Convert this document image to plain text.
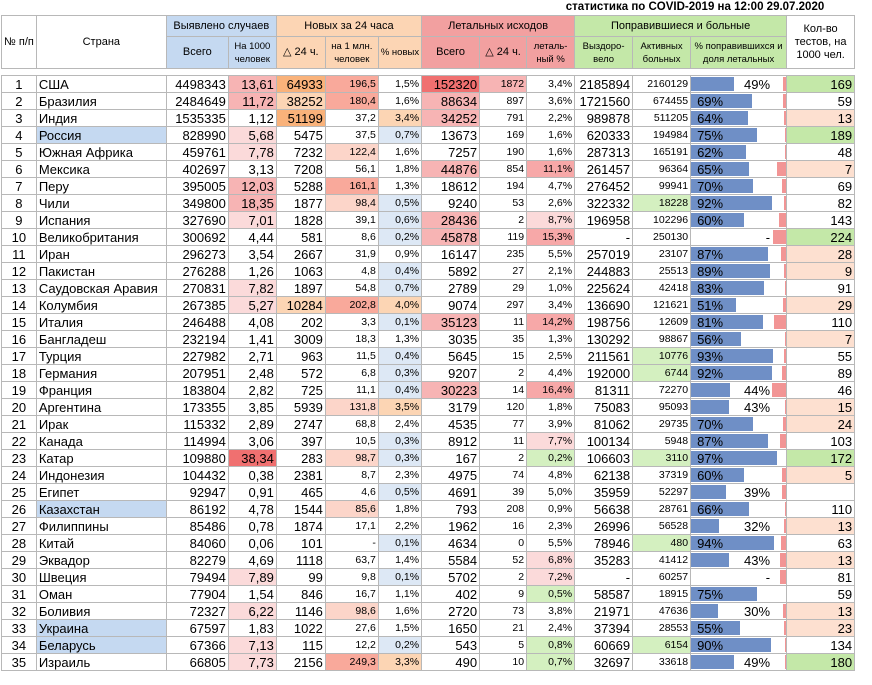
статистика по COVID-2019 на 12:00 29.07.2020
№ п/п	Страна	Выявлено случаев		Новых за 24 часа			Летальных исходов			Поправившиеся и больные			Кол-во тестов, на 1000 чел.
		Всего	На 1000 человек	△ 24 ч.	на 1 млн. человек	% новых	Всего	△ 24 ч.	леталь-ный %	Выздоро-вело	Активных больных	% поправившихся и доля летальных	

1	США	4498343	13,61	64933	196,5	1,5%	152320	1872	3,4%	2185894	2160129	49%	169
2	Бразилия	2484649	11,72	38252	180,4	1,6%	88634	897	3,6%	1721560	674455	69%	59
3	Индия	1535335	1,12	51199	37,2	3,4%	34252	791	2,2%	989878	511205	64%	13
4	Россия	828990	5,68	5475	37,5	0,7%	13673	169	1,6%	620333	194984	75%	189
5	Южная Африка	459761	7,78	7232	122,4	1,6%	7257	190	1,6%	287313	165191	62%	48
6	Мексика	402697	3,13	7208	56,1	1,8%	44876	854	11,1%	261457	96364	65%	7
7	Перу	395005	12,03	5288	161,1	1,3%	18612	194	4,7%	276452	99941	70%	69
8	Чили	349800	18,35	1877	98,4	0,5%	9240	53	2,6%	322332	18228	92%	82
9	Испания	327690	7,01	1828	39,1	0,6%	28436	2	8,7%	196958	102296	60%	143
10	Великобритания	300692	4,44	581	8,6	0,2%	45878	119	15,3%	-	250130	-	224
11	Иран	296273	3,54	2667	31,9	0,9%	16147	235	5,5%	257019	23107	87%	28
12	Пакистан	276288	1,26	1063	4,8	0,4%	5892	27	2,1%	244883	25513	89%	9
13	Саудовская Аравия	270831	7,82	1897	54,8	0,7%	2789	29	1,0%	225624	42418	83%	91
14	Колумбия	267385	5,27	10284	202,8	4,0%	9074	297	3,4%	136690	121621	51%	29
15	Италия	246488	4,08	202	3,3	0,1%	35123	11	14,2%	198756	12609	81%	110
16	Бангладеш	232194	1,41	3009	18,3	1,3%	3035	35	1,3%	130292	98867	56%	7
17	Турция	227982	2,71	963	11,5	0,4%	5645	15	2,5%	211561	10776	93%	55
18	Германия	207951	2,48	572	6,8	0,3%	9207	2	4,4%	192000	6744	92%	89
19	Франция	183804	2,82	725	11,1	0,4%	30223	14	16,4%	81311	72270	44%	46
20	Аргентина	173355	3,85	5939	131,8	3,5%	3179	120	1,8%	75083	95093	43%	15
21	Ирак	115332	2,89	2747	68,8	2,4%	4535	77	3,9%	81062	29735	70%	24
22	Канада	114994	3,06	397	10,5	0,3%	8912	11	7,7%	100134	5948	87%	103
23	Катар	109880	38,34	283	98,7	0,3%	167	2	0,2%	106603	3110	97%	172
24	Индонезия	104432	0,38	2381	8,7	2,3%	4975	74	4,8%	62138	37319	60%	5
25	Египет	92947	0,91	465	4,6	0,5%	4691	39	5,0%	35959	52297	39%	

26	Казахстан	86192	4,78	1544	85,6	1,8%	793	208	0,9%	56638	28761	66%	110
27	Филиппины	85486	0,78	1874	17,1	2,2%	1962	16	2,3%	26996	56528	32%	13
28	Китай	84060	0,06	101	-	0,1%	4634	0	5,5%	78946	480	94%	63
29	Эквадор	82279	4,69	1118	63,7	1,4%	5584	52	6,8%	35283	41412	43%	13
30	Швеция	79494	7,89	99	9,8	0,1%	5702	2	7,2%	-	60257	-	81
31	Оман	77904	1,54	846	16,7	1,1%	402	9	0,5%	58587	18915	75%	59
32	Боливия	72327	6,22	1146	98,6	1,6%	2720	73	3,8%	21971	47636	30%	13
33	Украина	67597	1,83	1022	27,6	1,5%	1650	21	2,4%	37394	28553	55%	23
34	Беларусь	67366	7,13	115	12,2	0,2%	543	5	0,8%	60669	6154	90%	134
35	Израиль	66805	7,73	2156	249,3	3,3%	490	10	0,7%	32697	33618	49%	180
